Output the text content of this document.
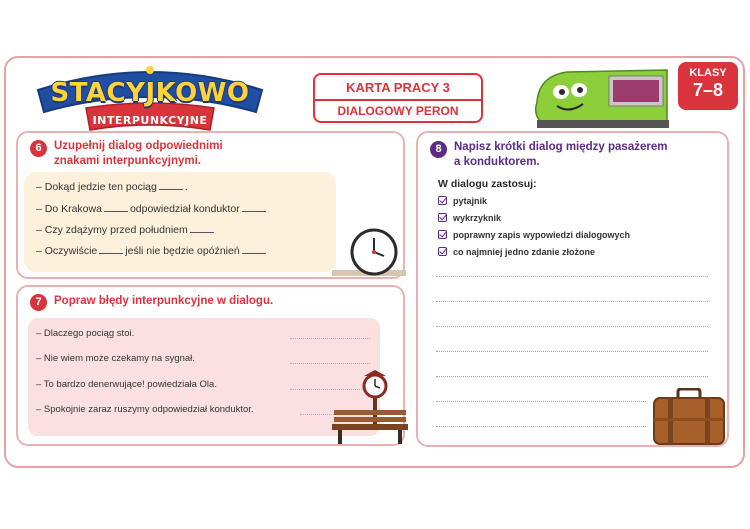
STACYJKOWO
INTERPUNKCYJNE
KARTA PRACY 3
DIALOGOWY PERON
KLASY
7–8
6	Uzupełnij dialog odpowiednimi
znakami interpunkcyjnymi.
– Dokąd jedzie ten pociąg	.
– Do Krakowa	odpowiedział konduktor
– Czy zdążymy przed południem
– Oczywiście	jeśli nie będzie opóźnień
7	Popraw błędy interpunkcyjne w dialogu.
– Dlaczego pociąg stoi.
– Nie wiem może czekamy na sygnał.
– To bardzo denerwujące! powiedziała Ola.
– Spokojnie zaraz ruszymy odpowiedział konduktor.
8	Napisz krótki dialog między pasażerem
a konduktorem.
W dialogu zastosuj:
pytajnik
wykrzyknik
poprawny zapis wypowiedzi dialogowych
co najmniej jedno zdanie złożone
